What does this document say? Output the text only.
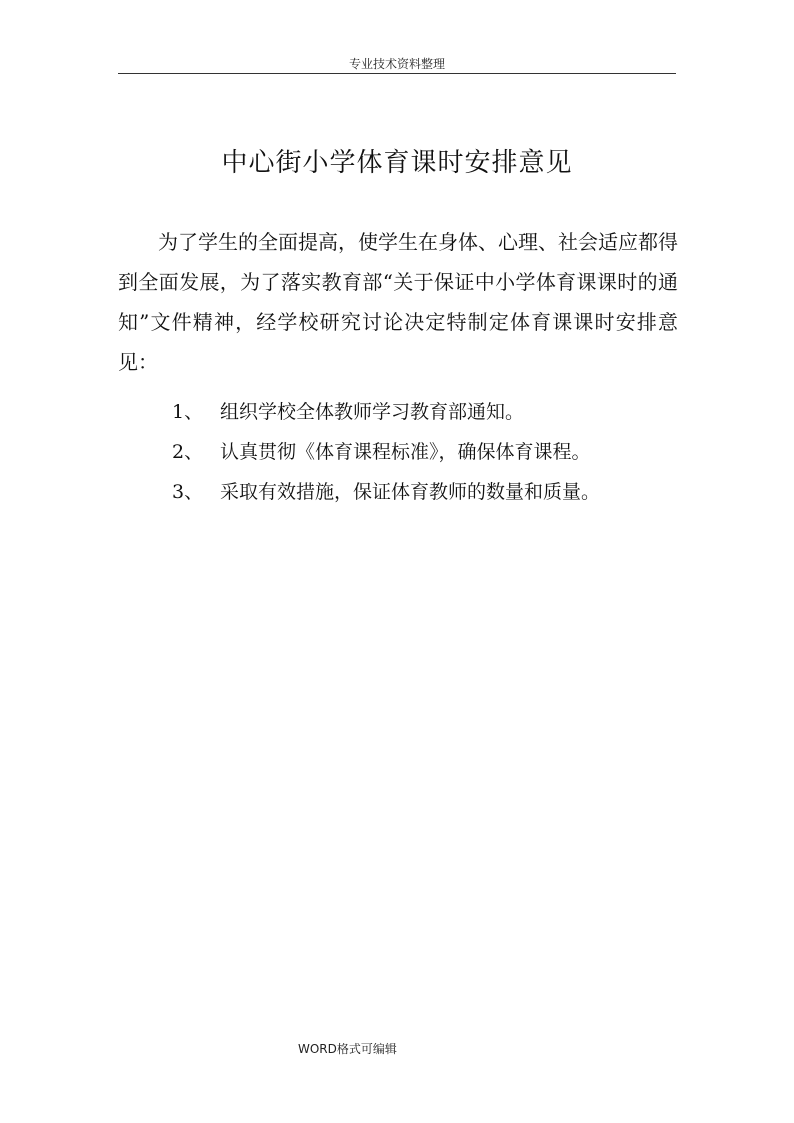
专业技术资料整理
中心街小学体育课时安排意见

为了学生的全面提高，使学生在身体、心理、社会适应都得到全面发展，为了落实教育部“关于保证中小学体育课课时的通知”文件精神，经学校研究讨论决定特制定体育课课时安排意见：

1、 组织学校全体教师学习教育部通知。
2、 认真贯彻《体育课程标准》，确保体育课程。
3、 采取有效措施，保证体育教师的数量和质量。
WORD格式可编辑
